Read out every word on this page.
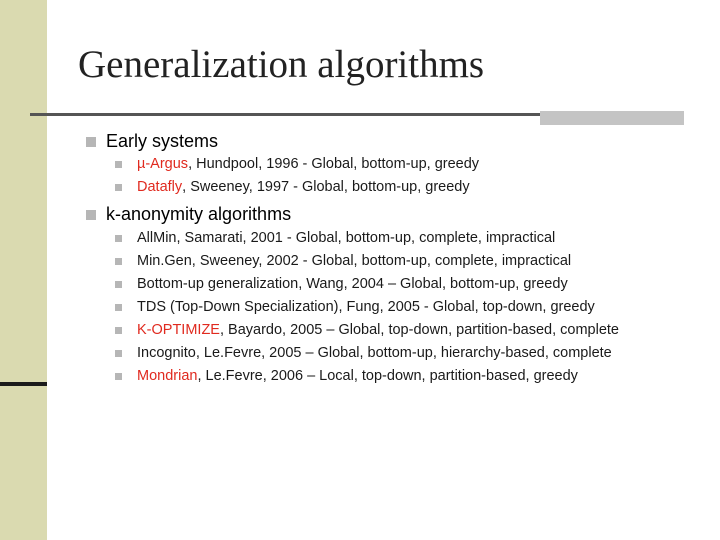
Generalization algorithms
Early systems
µ-Argus , Hundpool, 1996 - Global, bottom-up, greedy
Datafly , Sweeney, 1997 - Global, bottom-up, greedy
k-anonymity algorithms
AllMin, Samarati, 2001 - Global, bottom-up, complete, impractical
Min.Gen, Sweeney, 2002 - Global, bottom-up, complete, impractical
Bottom-up generalization, Wang, 2004 – Global, bottom-up, greedy
TDS (Top-Down Specialization), Fung, 2005 - Global, top-down, greedy
K-OPTIMIZE , Bayardo, 2005 – Global, top-down, partition-based, complete
Incognito, Le.Fevre, 2005 – Global, bottom-up, hierarchy-based, complete
Mondrian , Le.Fevre, 2006 – Local, top-down, partition-based, greedy
